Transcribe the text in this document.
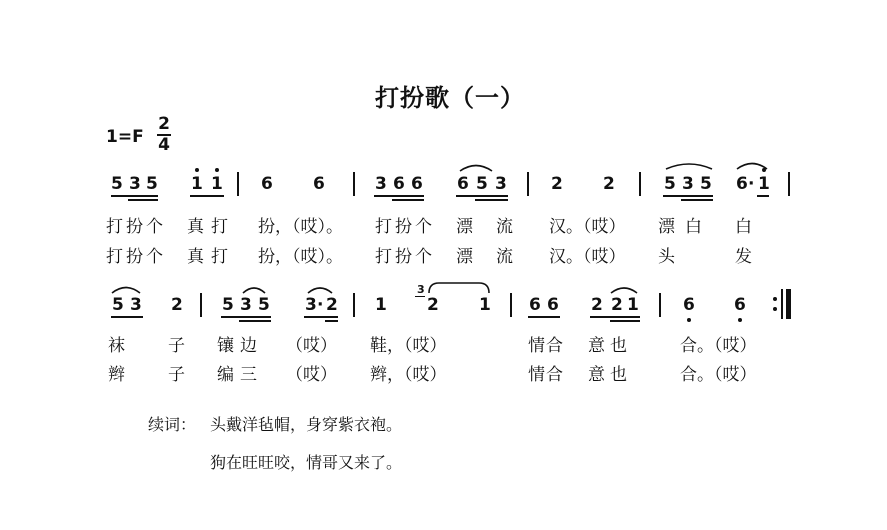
打扮歌（一）
1=F
2
4
5 3 5 1 1 6 6	3 6 6 6 5 3	2 2	5 3 5 6 · 1
打 扮 个 真 打 扮，（哎）。 打 扮 个 漂 流 汉。（哎） 漂 白 白
打 扮 个 真 打 扮，（哎）。 打 扮 个 漂 流 汉。（哎） 头	发
5 3 2 5 3 5 3 · 2 1
3
2 1 6 6 2 2 1	6 6
袜	子 镶 边 （哎） 鞋，（哎）	情 合 意 也	合。（哎）
辫	子 编 三 （哎） 辫，（哎）	情 合 意 也	合。（哎）
续词： 头戴洋毡帽，身穿紫衣袍。
狗在旺旺咬，情哥又来了。
